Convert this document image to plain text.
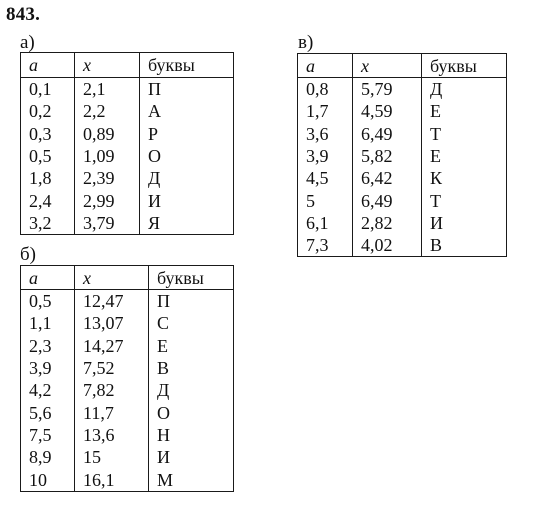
843.
а)
a	x	буквы
0,1	2,1	П
0,2	2,2	А
0,3	0,89	Р
0,5	1,09	О
1,8	2,39	Д
2,4	2,99	И
3,2	3,79	Я
б)
a	x	буквы
0,5	12,47	П
1,1	13,07	С
2,3	14,27	Е
3,9	7,52	В
4,2	7,82	Д
5,6	11,7	О
7,5	13,6	Н
8,9	15	И
10	16,1	М
в)
a	x	буквы
0,8	5,79	Д
1,7	4,59	Е
3,6	6,49	Т
3,9	5,82	Е
4,5	6,42	К
5	6,49	Т
6,1	2,82	И
7,3	4,02	В
